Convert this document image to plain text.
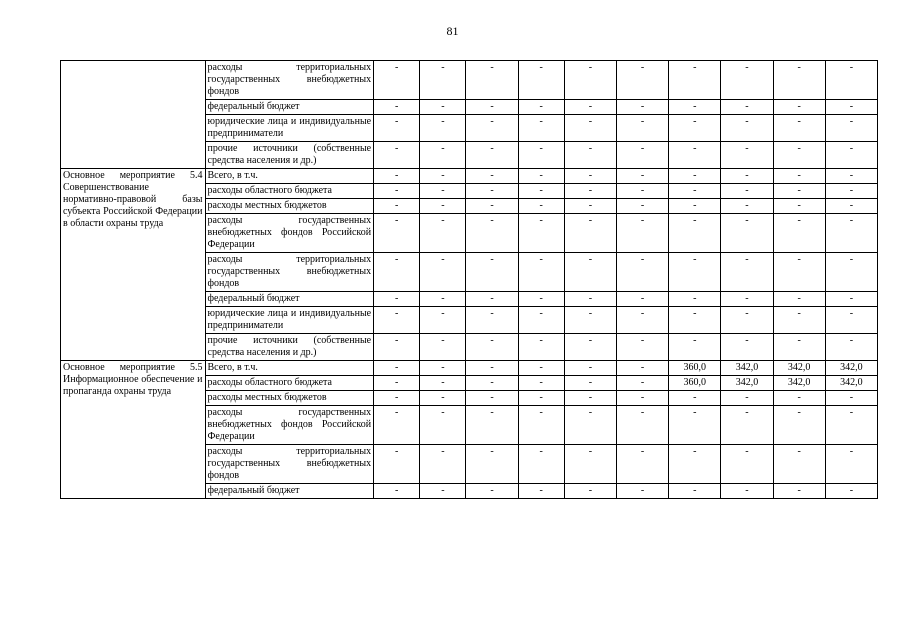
81
	расходы территориальных государственных внебюджетных фондов	-	-	-	-	-	-	-	-	-	-
	федеральный бюджет	-	-	-	-	-	-	-	-	-	-
	юридические лица и индивидуальные предприниматели	-	-	-	-	-	-	-	-	-	-
	прочие источники (собственные средства населения и др.)	-	-	-	-	-	-	-	-	-	-
Основное мероприятие 5.4 Совершенствование нормативно-правовой базы субъекта Российской Федерации в области охраны труда	Всего, в т.ч.	-	-	-	-	-	-	-	-	-	-
	расходы областного бюджета	-	-	-	-	-	-	-	-	-	-
	расходы местных бюджетов	-	-	-	-	-	-	-	-	-	-
	расходы государственных внебюджетных фондов Российской Федерации	-	-	-	-	-	-	-	-	-	-
	расходы территориальных государственных внебюджетных фондов	-	-	-	-	-	-	-	-	-	-
	федеральный бюджет	-	-	-	-	-	-	-	-	-	-
	юридические лица и индивидуальные предприниматели	-	-	-	-	-	-	-	-	-	-
	прочие источники (собственные средства населения и др.)	-	-	-	-	-	-	-	-	-	-
Основное мероприятие 5.5 Информационное обеспечение и пропаганда охраны труда	Всего, в т.ч.	-	-	-	-	-	-	360,0	342,0	342,0	342,0
	расходы областного бюджета	-	-	-	-	-	-	360,0	342,0	342,0	342,0
	расходы местных бюджетов	-	-	-	-	-	-	-	-	-	-
	расходы государственных внебюджетных фондов Российской Федерации	-	-	-	-	-	-	-	-	-	-
	расходы территориальных государственных внебюджетных фондов	-	-	-	-	-	-	-	-	-	-
	федеральный бюджет	-	-	-	-	-	-	-	-	-	-
